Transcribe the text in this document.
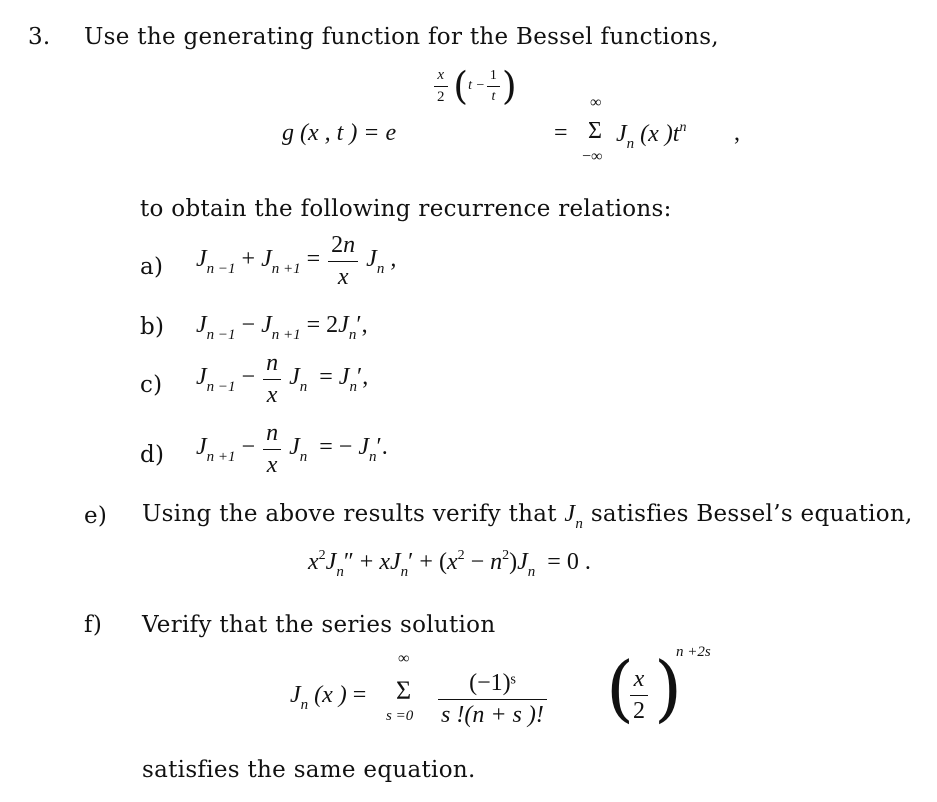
3. Use the generating function for the Bessel functions,
g (x , t ) = e
$\frac{x}{2} (t - \frac{1}{t}$ )
=
∞
Σ
−∞
$J_n$ (x )$t^n$ ,
to obtain the following recurrence relations:
a) $J_{n -1} + J_{n +1} = \frac{2n}{x} J_n$ ,
b) $J_{n -1} - J_{n +1} = 2J_n'$,
c) $J_{n -1} - \frac{n}{x} J_n = J_n'$,
d) $J_{n +1} - \frac{n}{x} J_n$  = − $J_n'$.
e) Using the above results verify that $J_n$ satisfies Bessel’s equation,
$x^2J_n'' + xJ_n' + (x^2 - n^2)J_n = 0$ .
f) Verify that the series solution
$J_n$ (x ) =
∞
Σ
$s =0 \frac{\text{(−1)ˢ}}{s !(n + s )!}$ (
$\frac{x}{2}$ )
n +2s
satisfies the same equation.
